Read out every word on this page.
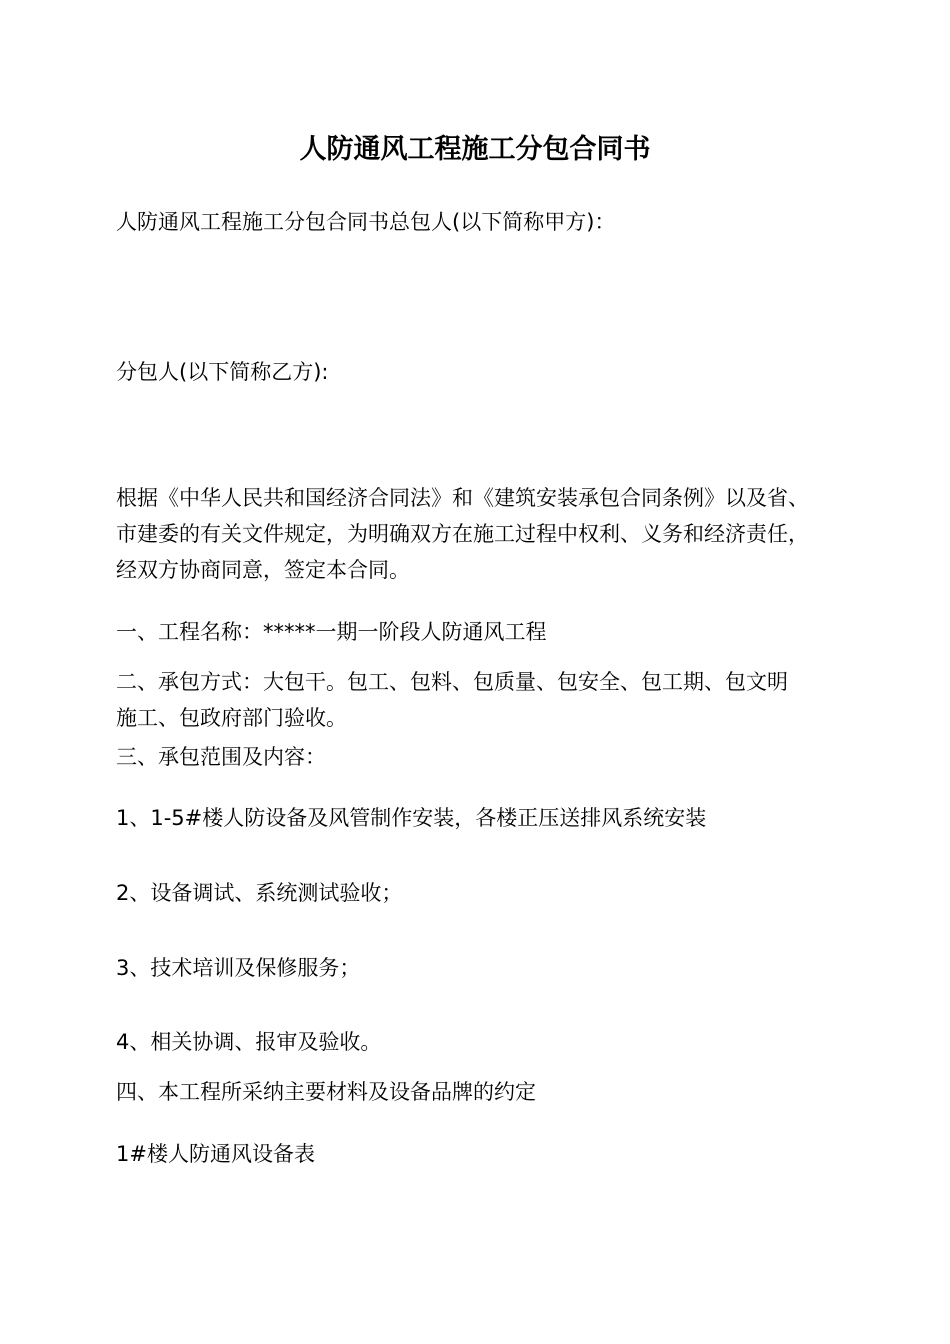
人防通风工程施工分包合同书
人防通风工程施工分包合同书总包人(以下简称甲方)：
分包人(以下简称乙方):
根据《中华人民共和国经济合同法》和《建筑安装承包合同条例》以及省、
市建委的有关文件规定，为明确双方在施工过程中权利、义务和经济责任，
经双方协商同意，签定本合同。
一、工程名称：*****一期一阶段人防通风工程
二、承包方式：大包干。包工、包料、包质量、包安全、包工期、包文明
施工、包政府部门验收。
三、承包范围及内容：
1、1-5#楼人防设备及风管制作安装，各楼正压送排风系统安装
2、设备调试、系统测试验收；
3、技术培训及保修服务；
4、相关协调、报审及验收。
四、本工程所采纳主要材料及设备品牌的约定
1#楼人防通风设备表
